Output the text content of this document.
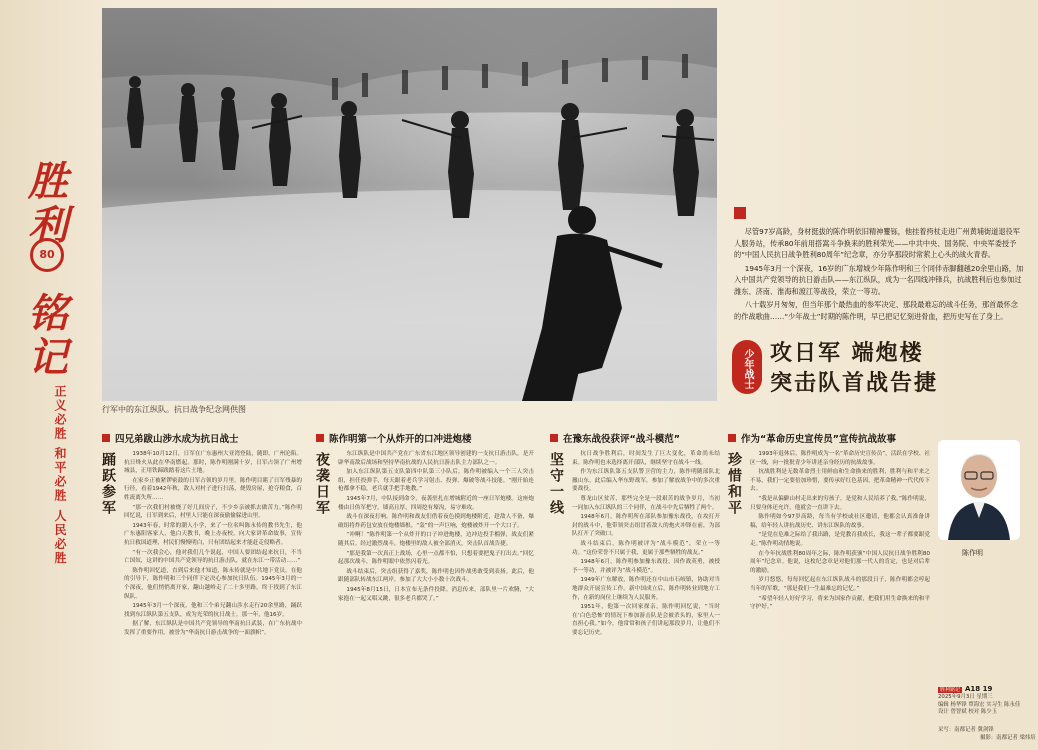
胜
利
80
铭
记
正义必胜 和平必胜 人民必胜	行军中的东江纵队。抗日战争纪念网供图

尽管97岁高龄，身材挺拔的陈作明依旧精神矍铄，他挂着挎杖走进广州黄埔街道退役军人服务站，传承80年前用搭嵩斗争换来的胜利荣光——中共中央、国务院、中央军委授予的“中国人民抗日战争胜利80周年”纪念章，亦分享那段时常萦上心头的战火青春。

1945年3月一个深夜，16岁的广东增城少年陈作明和三个同伴赤脚翻越20余里山路，加入中国共产党领导的抗日游击队——东江纵队，成为一名四线冲锋兵，抗战胜利后也参加过潍东、济南、淮海和渡江等战役，荣立一等功。

八十载岁月匆匆，但当年那个最热血的参军决定、那段最难忘的战斗任务，那首最怀念的作战歌曲……“少年战士”时期的陈作明，早已把记忆刻进骨血，把历史写在了身上。

少年战士 攻日军 端炮楼
突击队首战告捷
四兄弟跋山涉水成为抗日战士
踊跃参军	1938年10月12日，日军在广东惠州大亚湾登陆，随即，广州沦陷。抗日烽火从此在华南燃起。那时，陈作明刚满十岁，日军占领了广州增城县，正用铁蹄践踏着这片土地。

在家乡正被紧锣密鼓的日军占领的岁月里，陈作明目睹了日军残暴的行径，看着1942年秋，敌人对村子进行扫荡，烧毁房屋，抢夺粮食，百姓流离失所……

“那一次我们村被烧了好几间房子，不少乡亲被抓去做苦力。”陈作明回忆说，日军到来后，村里人只能在深夜偷偷躲进山里。

1943年春，时常的潮人小学，来了一位名叫陈永传的教书先生，他广东惠阳客家人，他白天教书，晚上办夜校，向大家讲革命故事，宣传抗日救国道理，村民们慢慢明白，只有团结起来才能赶走侵略者。

“有一次我会心，他对我们几个说起，中国人要团结起来抗日，不当亡国奴，这讲的中国共产党领导的抗日游击队，就在东江一带活动……”

陈作明回忆道，直到后来他才知道，陈永传就是中共地下党员。在他的引导下，陈作明和三个同伴下定决心参加抗日队伍。1945年3月的一个深夜，他们悄悄离开家，翻山越岭走了二十多里路，终于找到了东江纵队。

1945年3月一个深夜，他和三个弟兄翻山涉水走行20余里路，踊跃找到东江纵队第五支队，成为光荣的抗日战士。那一年，他16岁。

据了解，东江纵队是中国共产党领导的华南抗日武装，在广东抗战中发挥了重要作用，被誉为“华南抗日游击战争的一面旗帜”。

陈作明第一个从炸开的口冲进炮楼
夜袭日军	东江纵队是中国共产党在广东省东江地区领导创建的一支抗日游击队，是开辟华南敌后战场和坚持华南抗战的人民抗日游击队主力部队之一。

加入东江纵队第五支队第四中队第三小队后，陈作明被编入一个三人突击组，担任投弹手，每天跟着老兵学习射击、投弹、爆破等战斗技能。“刚开始连枪都拿不稳，老兵就手把手地教。”

1945年7月，中队接到命令，夜袭驻扎在增城附近的一座日军炮楼。这座炮楼由日伪军把守，墙高且厚，四周挖有壕沟，易守难攻。

战斗在深夜打响。陈作明和战友们借着夜色摸到炮楼附近，趁敌人不备，爆破组将炸药包安放在炮楼墙根。“轰”的一声巨响，炮楼被炸开一个大口子。

“冲啊！”陈作明第一个从炸开的口子冲进炮楼，边冲边投手榴弹，战友们紧随其后。经过激烈战斗，炮楼里的敌人被全部消灭，突击队首战告捷。

“那是我第一次真正上战场，心里一点都不怕，只想着要把鬼子打出去。”回忆起那次战斗，陈作明眼中依然闪着光。

战斗结束后，突击组获得了嘉奖，陈作明也因作战勇敢受到表扬。此后，他跟随部队转战东江两岸，参加了大大小小数十次战斗。

1945年8月15日，日本宣布无条件投降。消息传来，部队里一片欢腾，“大家抱在一起又唱又跳，很多老兵都哭了。”

在豫东战役获评“战斗模范”
坚守一线	抗日战争胜利后，时间发生了巨大变化，革命尚未结束。陈作明也未选择离开部队，继续坚守在战斗一线。

作为东江纵队第五支队警卫营的主力，陈作明随部队北撤山东，此后编入华东野战军，参加了解放战争中的多次重要战役。

尊龙山区贫苦，那些完全是一段艰苦的战争岁月，当初一同加入东江纵队的三个同伴，在战斗中先后牺牲了两个。

1948年6月，陈作明所在部队参加豫东战役，在攻打开封的战斗中，他带领突击组冒着敌人的炮火冲锋在前，为部队打开了突破口。

战斗结束后，陈作明被评为“战斗模范”，荣立一等功。“这份荣誉不只属于我，更属于那些牺牲的战友。”

1948年6月，陈作明参加豫东战役，因作战英勇，被授予一等功，并被评为“战斗模范”。

1949年广东解放，陈作明还在中山市石岐镇，协助对当地群众开展宣传工作。新中国成立后，陈作明转业到地方工作，在新的岗位上继续为人民服务。

1951年，他第一次回家探亲，陈作明回忆说，“当时在‘白色恐怖’的情况下参加游击队是会被杀头的，家里人一直担心我。”如今，他常常和孩子们讲起那段岁月，让他们不要忘记历史。

作为“革命历史宣传员”宣传抗战故事
珍惜和平	1993年退休后，陈作明成为一名“革命历史宣传员”，活跃在学校、社区一线，向一批批青少年讲述亲身经历的抗战故事。

抗战胜利是无数革命烈士用鲜血和生命换来的胜利，胜利与和平来之不易，我们一定要倍加珍惜，要传承好红色基因，把革命精神一代代传下去。

“我是从偏僻山村走出来的穷孩子，是党和人民培养了我。”陈作明说，只要身体还允许，他就会一直讲下去。

陈作明如今97岁高龄，每当有学校或社区邀请，他都会认真准备讲稿，给年轻人讲抗战历史、讲东江纵队的故事。

“是党在危难之际给了我出路，是党教育我成长，我这一辈子都要跟党走。”陈作明动情地说。

在今年抗战胜利80周年之际，陈作明获颁“中国人民抗日战争胜利80周年”纪念章。他说，这枚纪念章是对他们那一代人的肯定，也是对后辈的激励。

岁月悠悠，每每回忆起在东江纵队战斗的那段日子，陈作明都会哼起当年的军歌，“那是我们一生最难忘的记忆。”

“希望年轻人好好学习，将来为国家作贡献，把我们用生命换来的和平守护好。”

陈作明
胜利铭记 A18 19
2025年9月3日 星期三
编辑 杨华锋 覃海宏 实习生 陈永佳
设计 曾智斌 校对 陈少玉
采写：南都记者 冀剑锋
摄影：南都记者 梁炜培
